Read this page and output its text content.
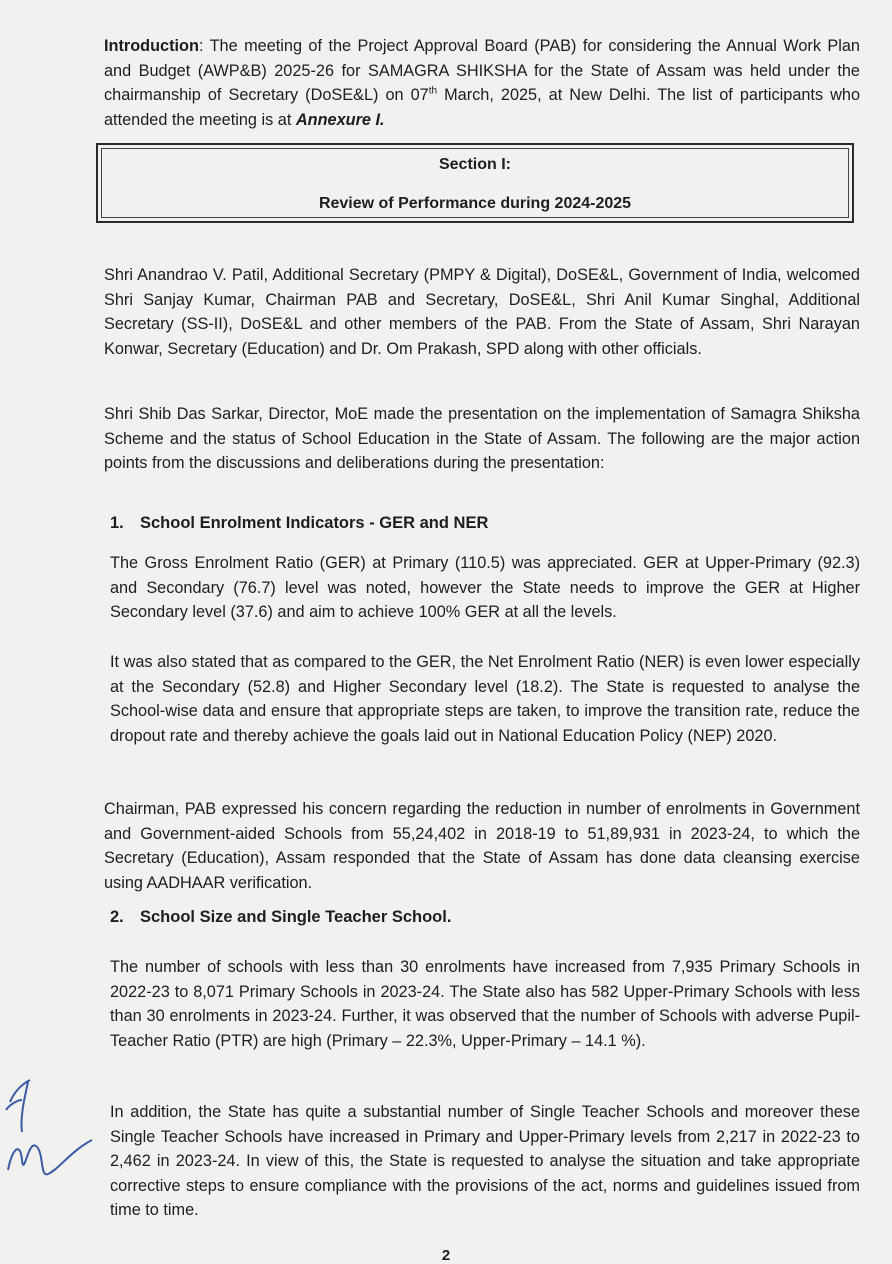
Introduction: The meeting of the Project Approval Board (PAB) for considering the Annual Work Plan and Budget (AWP&B) 2025-26 for SAMAGRA SHIKSHA for the State of Assam was held under the chairmanship of Secretary (DoSE&L) on 07th March, 2025, at New Delhi. The list of participants who attended the meeting is at Annexure I.

Section I:
Review of Performance during 2024-2025

Shri Anandrao V. Patil, Additional Secretary (PMPY & Digital), DoSE&L, Government of India, welcomed Shri Sanjay Kumar, Chairman PAB and Secretary, DoSE&L, Shri Anil Kumar Singhal, Additional Secretary (SS-II), DoSE&L and other members of the PAB. From the State of Assam, Shri Narayan Konwar, Secretary (Education) and Dr. Om Prakash, SPD along with other officials.

Shri Shib Das Sarkar, Director, MoE made the presentation on the implementation of Samagra Shiksha Scheme and the status of School Education in the State of Assam. The following are the major action points from the discussions and deliberations during the presentation:

1. School Enrolment Indicators - GER and NER

The Gross Enrolment Ratio (GER) at Primary (110.5) was appreciated. GER at Upper-Primary (92.3) and Secondary (76.7) level was noted, however the State needs to improve the GER at Higher Secondary level (37.6) and aim to achieve 100% GER at all the levels.

It was also stated that as compared to the GER, the Net Enrolment Ratio (NER) is even lower especially at the Secondary (52.8) and Higher Secondary level (18.2). The State is requested to analyse the School-wise data and ensure that appropriate steps are taken, to improve the transition rate, reduce the dropout rate and thereby achieve the goals laid out in National Education Policy (NEP) 2020.

Chairman, PAB expressed his concern regarding the reduction in number of enrolments in Government and Government-aided Schools from 55,24,402 in 2018-19 to 51,89,931 in 2023-24, to which the Secretary (Education), Assam responded that the State of Assam has done data cleansing exercise using AADHAAR verification.

2. School Size and Single Teacher School.

The number of schools with less than 30 enrolments have increased from 7,935 Primary Schools in 2022-23 to 8,071 Primary Schools in 2023-24. The State also has 582 Upper-Primary Schools with less than 30 enrolments in 2023-24. Further, it was observed that the number of Schools with adverse Pupil-Teacher Ratio (PTR) are high (Primary – 22.3%, Upper-Primary – 14.1 %).

In addition, the State has quite a substantial number of Single Teacher Schools and moreover these Single Teacher Schools have increased in Primary and Upper-Primary levels from 2,217 in 2022-23 to 2,462 in 2023-24. In view of this, the State is requested to analyse the situation and take appropriate corrective steps to ensure compliance with the provisions of the act, norms and guidelines issued from time to time.

2
